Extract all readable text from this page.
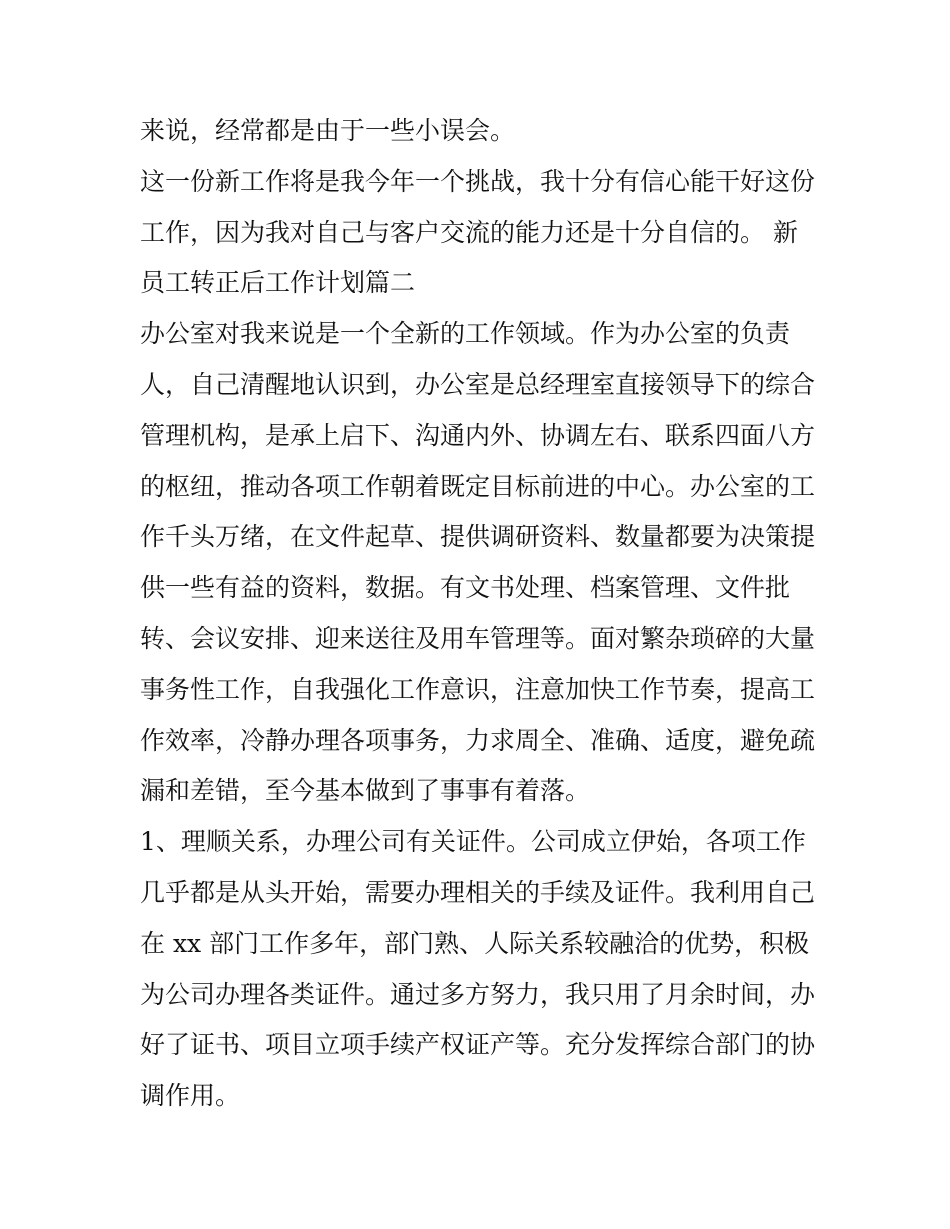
来说，经常都是由于一些小误会。
这一份新工作将是我今年一个挑战，我十分有信心能干好这份
工作，因为我对自己与客户交流的能力还是十分自信的。 新
员工转正后工作计划篇二
办公室对我来说是一个全新的工作领域。作为办公室的负责
人，自己清醒地认识到，办公室是总经理室直接领导下的综合
管理机构，是承上启下、沟通内外、协调左右、联系四面八方
的枢纽，推动各项工作朝着既定目标前进的中心。办公室的工
作千头万绪，在文件起草、提供调研资料、数量都要为决策提
供一些有益的资料，数据。有文书处理、档案管理、文件批
转、会议安排、迎来送往及用车管理等。面对繁杂琐碎的大量
事务性工作，自我强化工作意识，注意加快工作节奏，提高工
作效率，冷静办理各项事务，力求周全、准确、适度，避免疏
漏和差错，至今基本做到了事事有着落。
1、理顺关系，办理公司有关证件。公司成立伊始，各项工作
几乎都是从头开始，需要办理相关的手续及证件。我利用自己
在 xx 部门工作多年，部门熟、人际关系较融洽的优势，积极
为公司办理各类证件。通过多方努力，我只用了月余时间，办
好了证书、项目立项手续产权证产等。充分发挥综合部门的协
调作用。
